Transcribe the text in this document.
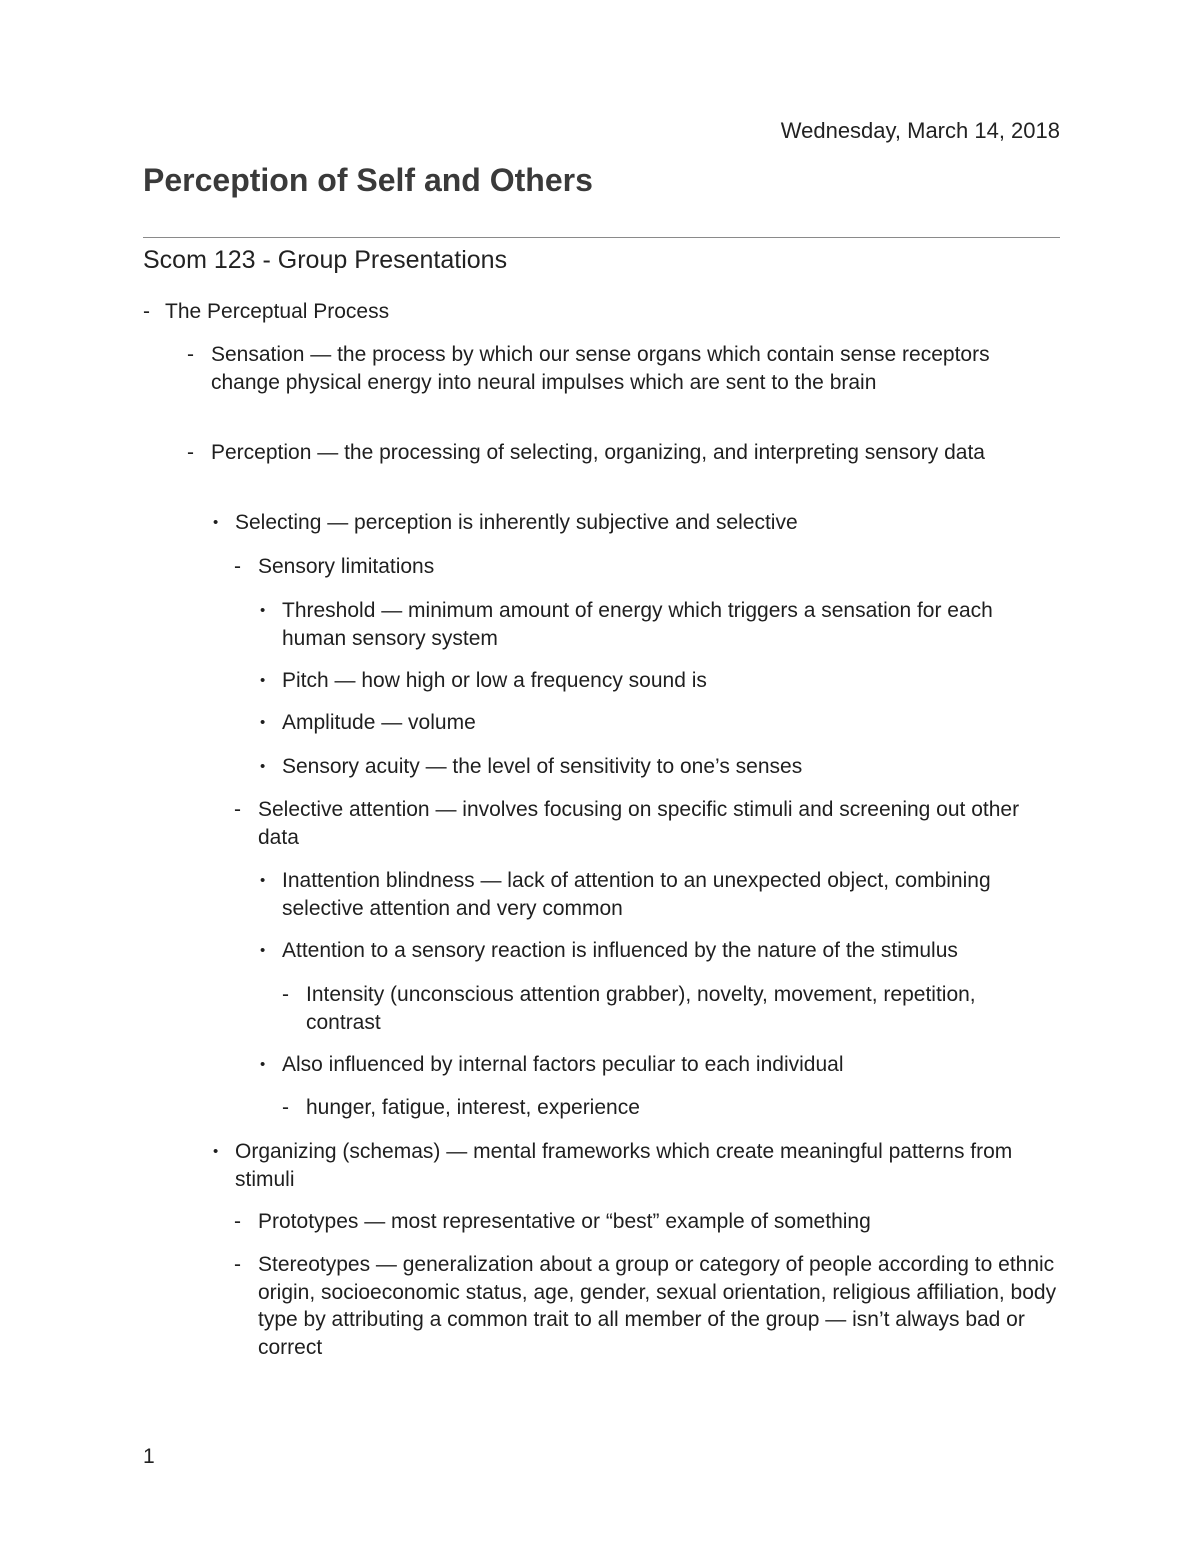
Wednesday, March 14, 2018
Perception of Self and Others
Scom 123 - Group Presentations
- The Perceptual Process
- Sensation — the process by which our sense organs which contain sense receptors change physical energy into neural impulses which are sent to the brain
- Perception — the processing of selecting, organizing, and interpreting sensory data
• Selecting — perception is inherently subjective and selective
- Sensory limitations
• Threshold — minimum amount of energy which triggers a sensation for each human sensory system
• Pitch — how high or low a frequency sound is
• Amplitude — volume
• Sensory acuity — the level of sensitivity to one’s senses
- Selective attention — involves focusing on specific stimuli and screening out other data
• Inattention blindness — lack of attention to an unexpected object, combining selective attention and very common
• Attention to a sensory reaction is influenced by the nature of the stimulus
- Intensity (unconscious attention grabber), novelty, movement, repetition, contrast
• Also influenced by internal factors peculiar to each individual
- hunger, fatigue, interest, experience
• Organizing (schemas) — mental frameworks which create meaningful patterns from stimuli
- Prototypes — most representative or “best” example of something
- Stereotypes — generalization about a group or category of people according to ethnic origin, socioeconomic status, age, gender, sexual orientation, religious affiliation, body type by attributing a common trait to all member of the group — isn’t always bad or correct
1
